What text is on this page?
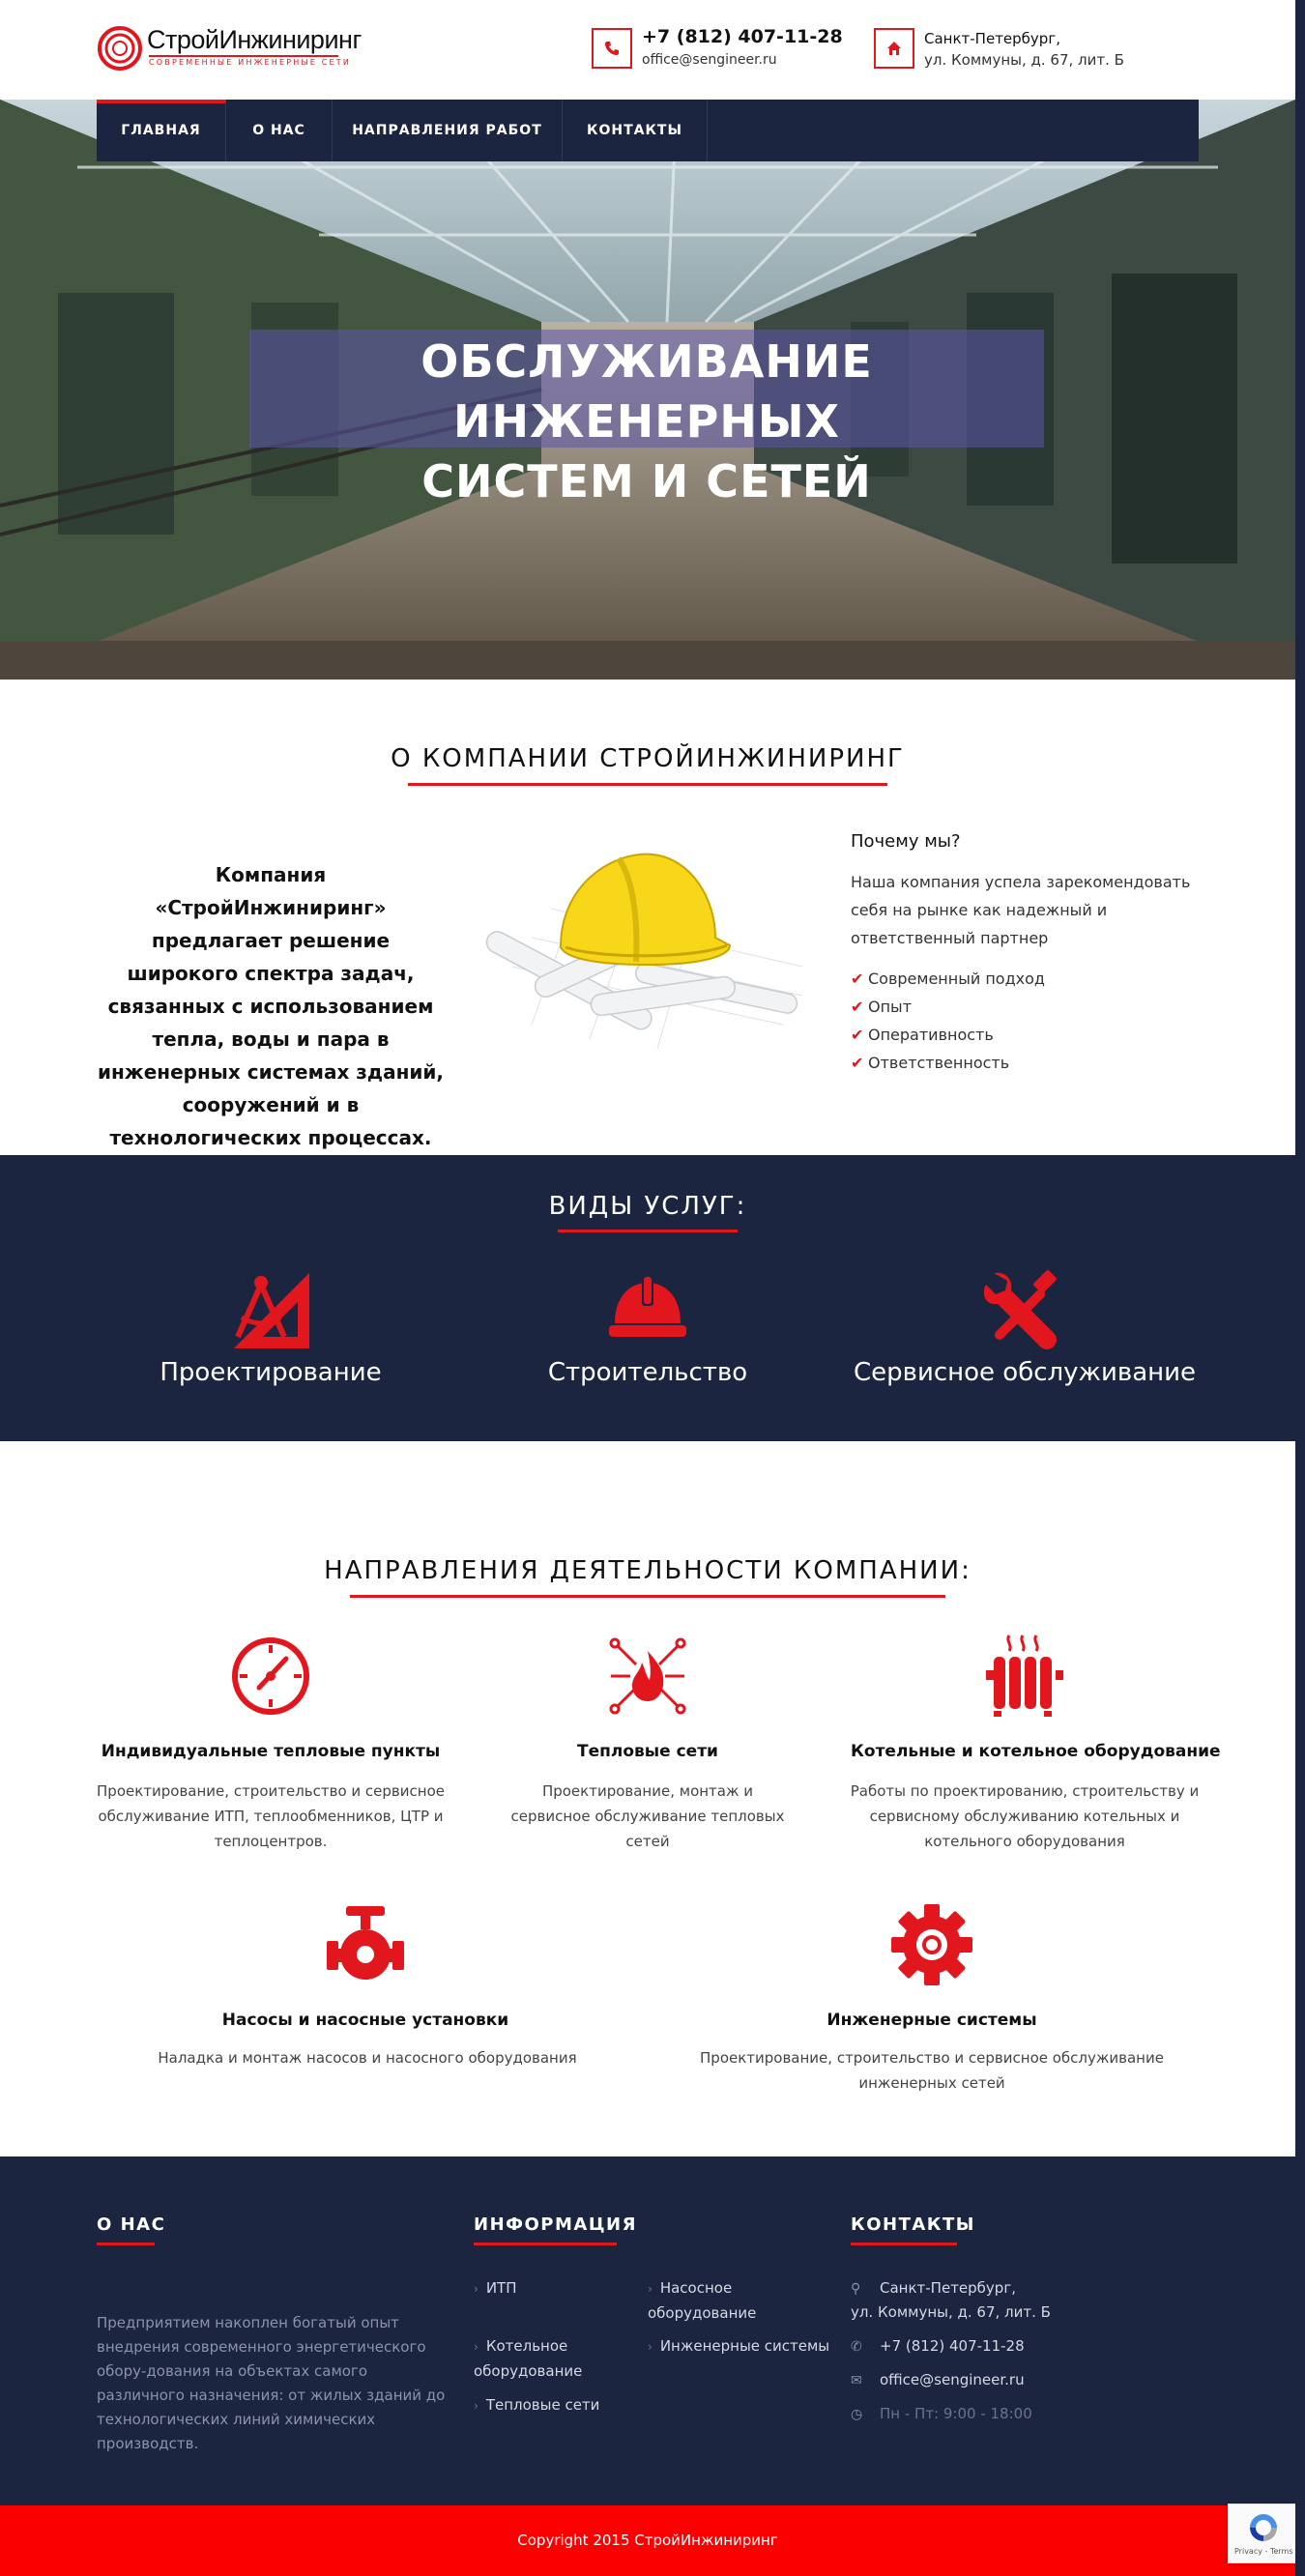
СтройИнжиниринг
СОВРЕМЕННЫЕ ИНЖЕНЕРНЫЕ СЕТИ
+7 (812) 407-11-28
office@sengineer.ru
Санкт-Петербург,
ул. Коммуны, д. 67, лит. Б
ГЛАВНАЯ	О НАС	НАПРАВЛЕНИЯ РАБОТ	КОНТАКТЫ
ОБСЛУЖИВАНИЕ ИНЖЕНЕРНЫХ
СИСТЕМ И СЕТЕЙ
О КОМПАНИИ СТРОЙИНЖИНИРИНГ
Компания «СтройИнжиниринг» предлагает решение широкого спектра задач, связанных с использованием тепла, воды и пара в инженерных системах зданий, сооружений и в технологических процессах.
Почему мы?
Наша компания успела зарекомендовать себя на рынке как надежный и ответственный партнер
✔ Современный подход
✔ Опыт
✔ Оперативность
✔ Ответственность
ВИДЫ УСЛУГ:
Проектирование	Строительство	Сервисное обслуживание
НАПРАВЛЕНИЯ ДЕЯТЕЛЬНОСТИ КОМПАНИИ:
Индивидуальные тепловые пункты
Проектирование, строительство и сервисное обслуживание ИТП, теплообменников, ЦТР и теплоцентров.
Тепловые сети
Проектирование, монтаж и сервисное обслуживание тепловых сетей
Котельные и котельное оборудование
Работы по проектированию, строительству и сервисному обслуживанию котельных и котельного оборудования
Насосы и насосные установки
Наладка и монтаж насосов и насосного оборудования
Инженерные системы
Проектирование, строительство и сервисное обслуживание инженерных сетей
О НАС
Предприятием накоплен богатый опыт внедрения современного энергетического обору-дования на объектах самого различного назначения: от жилых зданий до технологических линий химических производств.
ИНФОРМАЦИЯ
› ИТП
› Котельное оборудование
› Тепловые сети
› Насосное оборудование
› Инженерные системы
КОНТАКТЫ
⚲ Санкт-Петербург,
ул. Коммуны, д. 67, лит. Б
✆ +7 (812) 407-11-28
✉ office@sengineer.ru
◷ Пн - Пт: 9:00 - 18:00
Copyright 2015 СтройИнжиниринг
Privacy - Terms
